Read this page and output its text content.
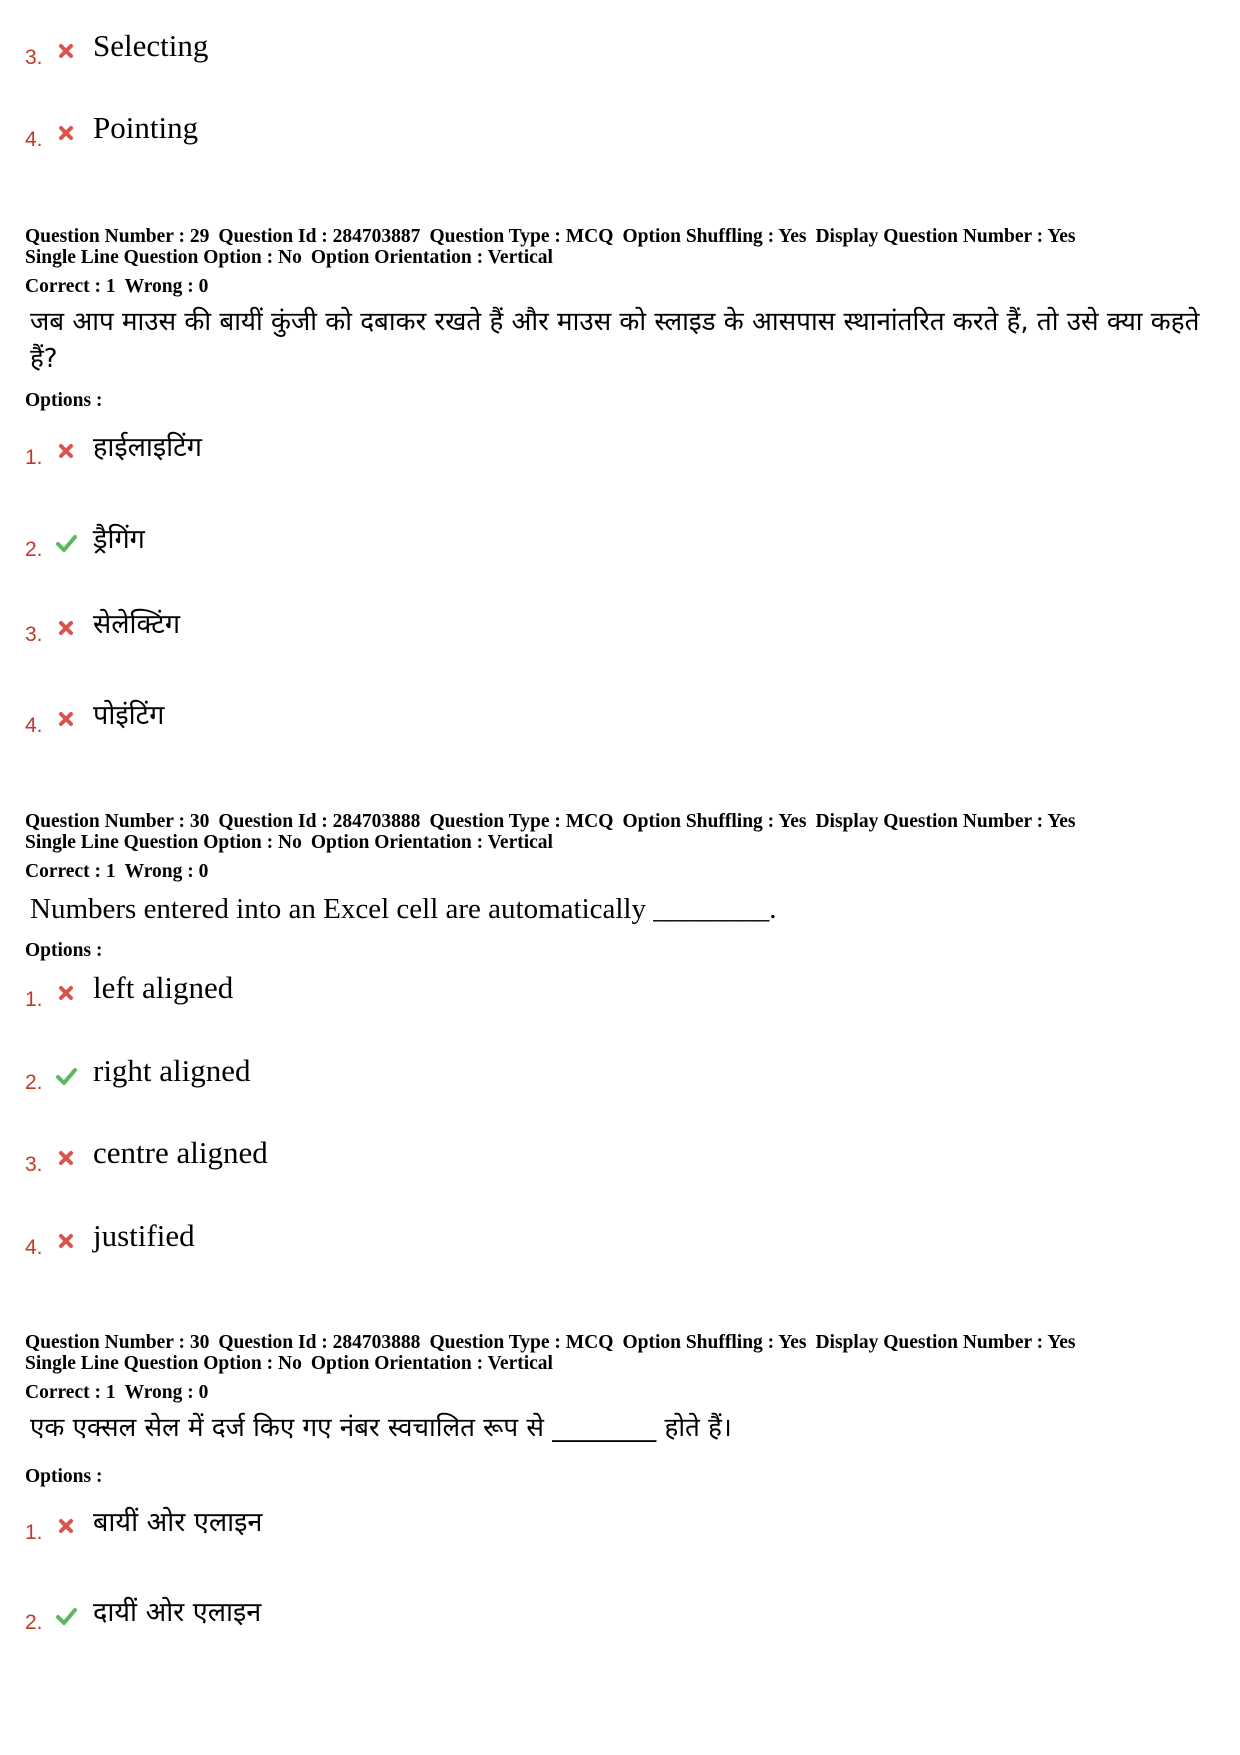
3. Selecting
4. Pointing
Question Number : 29 Question Id : 284703887 Question Type : MCQ Option Shuffling : Yes Display Question Number : Yes
Single Line Question Option : No Option Orientation : Vertical
Correct : 1 Wrong : 0
जब आप माउस की बायीं कुंजी को दबाकर रखते हैं और माउस को स्लाइड के आसपास स्थानांतरित करते हैं, तो उसे क्या कहते हैं?
Options :
1. हाईलाइटिंग
2. ड्रैगिंग
3. सेलेक्टिंग
4. पोइंटिंग
Question Number : 30 Question Id : 284703888 Question Type : MCQ Option Shuffling : Yes Display Question Number : Yes
Single Line Question Option : No Option Orientation : Vertical
Correct : 1 Wrong : 0
Numbers entered into an Excel cell are automatically ________.
Options :
1. left aligned
2. right aligned
3. centre aligned
4. justified
Question Number : 30 Question Id : 284703888 Question Type : MCQ Option Shuffling : Yes Display Question Number : Yes
Single Line Question Option : No Option Orientation : Vertical
Correct : 1 Wrong : 0
एक एक्सल सेल में दर्ज किए गए नंबर स्वचालित रूप से ________ होते हैं।
Options :
1. बायीं ओर एलाइन
2. दायीं ओर एलाइन
